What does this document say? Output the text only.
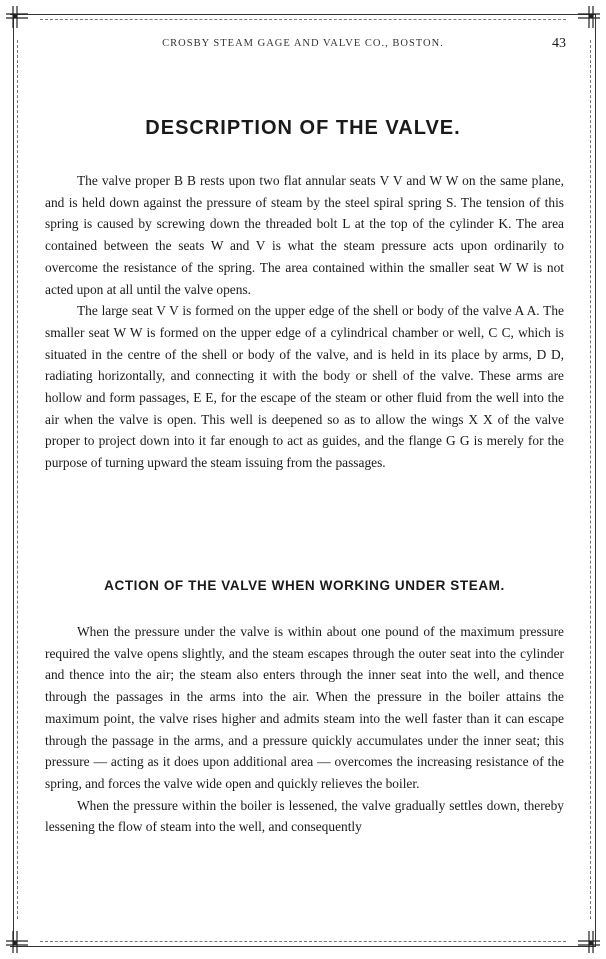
CROSBY STEAM GAGE AND VALVE CO., BOSTON.	43
DESCRIPTION OF THE VALVE.

The valve proper B B rests upon two flat annular seats V V and W W on the same plane, and is held down against the pressure of steam by the steel spiral spring S. The tension of this spring is caused by screwing down the threaded bolt L at the top of the cylinder K. The area contained between the seats W and V is what the steam pressure acts upon ordinarily to overcome the resistance of the spring. The area contained within the smaller seat W W is not acted upon at all until the valve opens.

The large seat V V is formed on the upper edge of the shell or body of the valve A A. The smaller seat W W is formed on the upper edge of a cylindrical chamber or well, C C, which is situated in the centre of the shell or body of the valve, and is held in its place by arms, D D, radiating horizontally, and connecting it with the body or shell of the valve. These arms are hollow and form passages, E E, for the escape of the steam or other fluid from the well into the air when the valve is open. This well is deepened so as to allow the wings X X of the valve proper to project down into it far enough to act as guides, and the flange G G is merely for the purpose of turning upward the steam issuing from the passages.

ACTION OF THE VALVE WHEN WORKING UNDER STEAM.

When the pressure under the valve is within about one pound of the maximum pressure required the valve opens slightly, and the steam escapes through the outer seat into the cylinder and thence into the air; the steam also enters through the inner seat into the well, and thence through the passages in the arms into the air. When the pressure in the boiler attains the maximum point, the valve rises higher and admits steam into the well faster than it can escape through the passage in the arms, and a pressure quickly accumulates under the inner seat; this pressure — acting as it does upon additional area — overcomes the increasing resistance of the spring, and forces the valve wide open and quickly relieves the boiler.

When the pressure within the boiler is lessened, the valve gradually settles down, thereby lessening the flow of steam into the well, and consequently
